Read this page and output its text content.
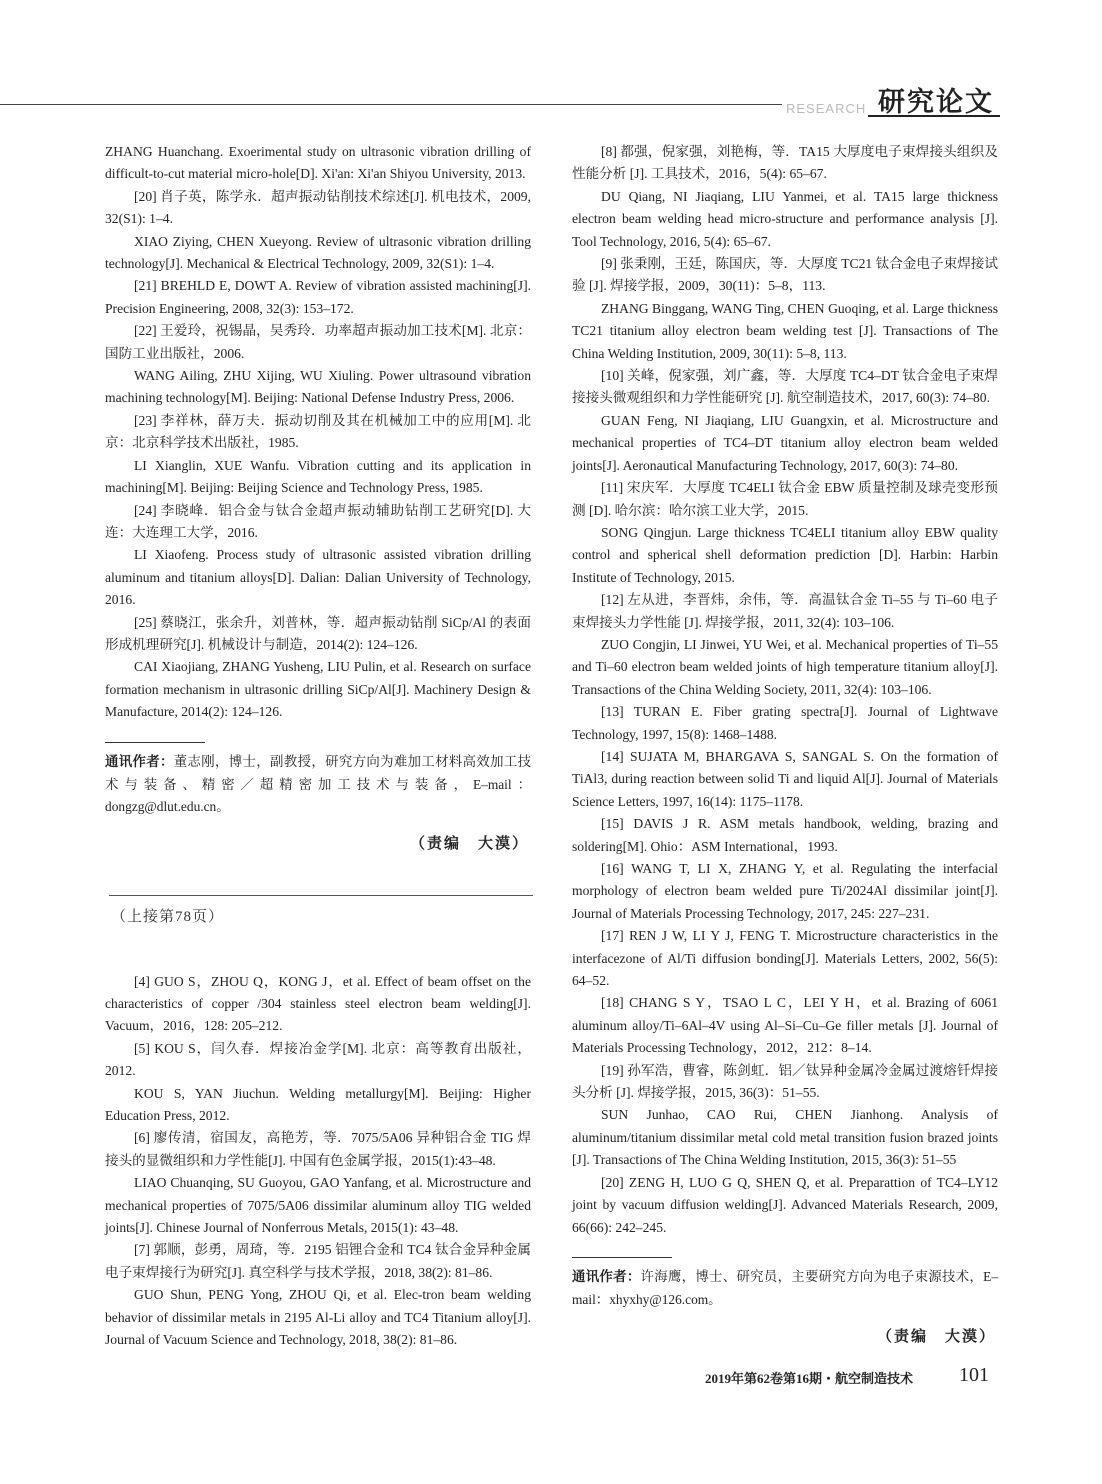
RESEARCH 研究论文

ZHANG Huanchang. Exoerimental study on ultrasonic vibration drilling of difficult-to-cut material micro-hole[D]. Xi'an: Xi'an Shiyou University, 2013.

[20] 肖子英，陈学永．超声振动钻削技术综述[J]. 机电技术，2009, 32(S1): 1–4.

XIAO Ziying, CHEN Xueyong. Review of ultrasonic vibration drilling technology[J]. Mechanical & Electrical Technology, 2009, 32(S1): 1–4.

[21] BREHLD E, DOWT A. Review of vibration assisted machining[J]. Precision Engineering, 2008, 32(3): 153–172.

[22] 王爱玲，祝锡晶，吴秀玲．功率超声振动加工技术[M]. 北京：国防工业出版社，2006.

WANG Ailing, ZHU Xijing, WU Xiuling. Power ultrasound vibration machining technology[M]. Beijing: National Defense Industry Press, 2006.

[23] 李祥林，薛万夫．振动切削及其在机械加工中的应用[M]. 北京：北京科学技术出版社，1985.

LI Xianglin, XUE Wanfu. Vibration cutting and its application in machining[M]. Beijing: Beijing Science and Technology Press, 1985.

[24] 李晓峰．铝合金与钛合金超声振动辅助钻削工艺研究[D]. 大连：大连理工大学，2016.

LI Xiaofeng. Process study of ultrasonic assisted vibration drilling aluminum and titanium alloys[D]. Dalian: Dalian University of Technology, 2016.

[25] 蔡晓江，张余升，刘普林，等．超声振动钻削 SiCp/Al 的表面形成机理研究[J]. 机械设计与制造，2014(2): 124–126.

CAI Xiaojiang, ZHANG Yusheng, LIU Pulin, et al. Research on surface formation mechanism in ultrasonic drilling SiCp/Al[J]. Machinery Design & Manufacture, 2014(2): 124–126.

通讯作者：董志刚，博士，副教授，研究方向为难加工材料高效加工技术与装备、精密／超精密加工技术与装备，E–mail：dongzg@dlut.edu.cn。

（责编　大漠）
（上接第78页）

[4] GUO S，ZHOU Q，KONG J，et al. Effect of beam offset on the characteristics of copper /304 stainless steel electron beam welding[J]. Vacuum，2016，128: 205–212.

[5] KOU S，闫久春．焊接冶金学[M]. 北京：高等教育出版社，2012.

KOU S, YAN Jiuchun. Welding metallurgy[M]. Beijing: Higher Education Press, 2012.

[6] 廖传清，宿国友，高艳芳，等．7075/5A06 异种铝合金 TIG 焊接头的显微组织和力学性能[J]. 中国有色金属学报，2015(1):43–48.

LIAO Chuanqing, SU Guoyou, GAO Yanfang, et al. Microstructure and mechanical properties of 7075/5A06 dissimilar aluminum alloy TIG welded joints[J]. Chinese Journal of Nonferrous Metals, 2015(1): 43–48.

[7] 郭顺，彭勇，周琦，等．2195 铝锂合金和 TC4 钛合金异种金属电子束焊接行为研究[J]. 真空科学与技术学报，2018, 38(2): 81–86.

GUO Shun, PENG Yong, ZHOU Qi, et al. Elec-tron beam welding behavior of dissimilar metals in 2195 Al-Li alloy and TC4 Titanium alloy[J]. Journal of Vacuum Science and Technology, 2018, 38(2): 81–86.

[8] 都强，倪家强，刘艳梅，等．TA15 大厚度电子束焊接头组织及性能分析 [J]. 工具技术，2016，5(4): 65–67.

DU Qiang, NI Jiaqiang, LIU Yanmei, et al. TA15 large thickness electron beam welding head micro-structure and performance analysis [J]. Tool Technology, 2016, 5(4): 65–67.

[9] 张秉刚，王廷，陈国庆，等．大厚度 TC21 钛合金电子束焊接试验 [J]. 焊接学报，2009，30(11)：5–8，113.

ZHANG Binggang, WANG Ting, CHEN Guoqing, et al. Large thickness TC21 titanium alloy electron beam welding test [J]. Transactions of The China Welding Institution, 2009, 30(11): 5–8, 113.

[10] 关峰，倪家强，刘广鑫，等．大厚度 TC4–DT 钛合金电子束焊接接头微观组织和力学性能研究 [J]. 航空制造技术，2017, 60(3): 74–80.

GUAN Feng, NI Jiaqiang, LIU Guangxin, et al. Microstructure and mechanical properties of TC4–DT titanium alloy electron beam welded joints[J]. Aeronautical Manufacturing Technology, 2017, 60(3): 74–80.

[11] 宋庆军．大厚度 TC4ELI 钛合金 EBW 质量控制及球壳变形预测 [D]. 哈尔滨：哈尔滨工业大学，2015.

SONG Qingjun. Large thickness TC4ELI titanium alloy EBW quality control and spherical shell deformation prediction [D]. Harbin: Harbin Institute of Technology, 2015.

[12] 左从进，李晋炜，余伟，等．高温钛合金 Ti–55 与 Ti–60 电子束焊接头力学性能 [J]. 焊接学报，2011, 32(4): 103–106.

ZUO Congjin, LI Jinwei, YU Wei, et al. Mechanical properties of Ti–55 and Ti–60 electron beam welded joints of high temperature titanium alloy[J]. Transactions of the China Welding Society, 2011, 32(4): 103–106.

[13] TURAN E. Fiber grating spectra[J]. Journal of Lightwave Technology, 1997, 15(8): 1468–1488.

[14] SUJATA M, BHARGAVA S, SANGAL S. On the formation of TiAl3, during reaction between solid Ti and liquid Al[J]. Journal of Materials Science Letters, 1997, 16(14): 1175–1178.

[15] DAVIS J R. ASM metals handbook, welding, brazing and soldering[M]. Ohio：ASM International，1993.

[16] WANG T, LI X, ZHANG Y, et al. Regulating the interfacial morphology of electron beam welded pure Ti/2024Al dissimilar joint[J]. Journal of Materials Processing Technology, 2017, 245: 227–231.

[17] REN J W, LI Y J, FENG T. Microstructure characteristics in the interfacezone of Al/Ti diffusion bonding[J]. Materials Letters, 2002, 56(5): 64–52.

[18] CHANG S Y，TSAO L C，LEI Y H，et al. Brazing of 6061 aluminum alloy/Ti–6Al–4V using Al–Si–Cu–Ge filler metals [J]. Journal of Materials Processing Technology，2012，212：8–14.

[19] 孙军浩，曹睿，陈剑虹．铝／钛异种金属冷金属过渡熔钎焊接头分析 [J]. 焊接学报，2015, 36(3)：51–55.

SUN Junhao, CAO Rui, CHEN Jianhong. Analysis of aluminum/titanium dissimilar metal cold metal transition fusion brazed joints [J]. Transactions of The China Welding Institution, 2015, 36(3): 51–55

[20] ZENG H, LUO G Q, SHEN Q, et al. Preparattion of TC4–LY12 joint by vacuum diffusion welding[J]. Advanced Materials Research, 2009, 66(66): 242–245.

通讯作者：许海鹰，博士、研究员，主要研究方向为电子束源技术，E–mail：xhyxhy@126.com。

（责编　大漠）
2019年第62卷第16期・航空制造技术 101
